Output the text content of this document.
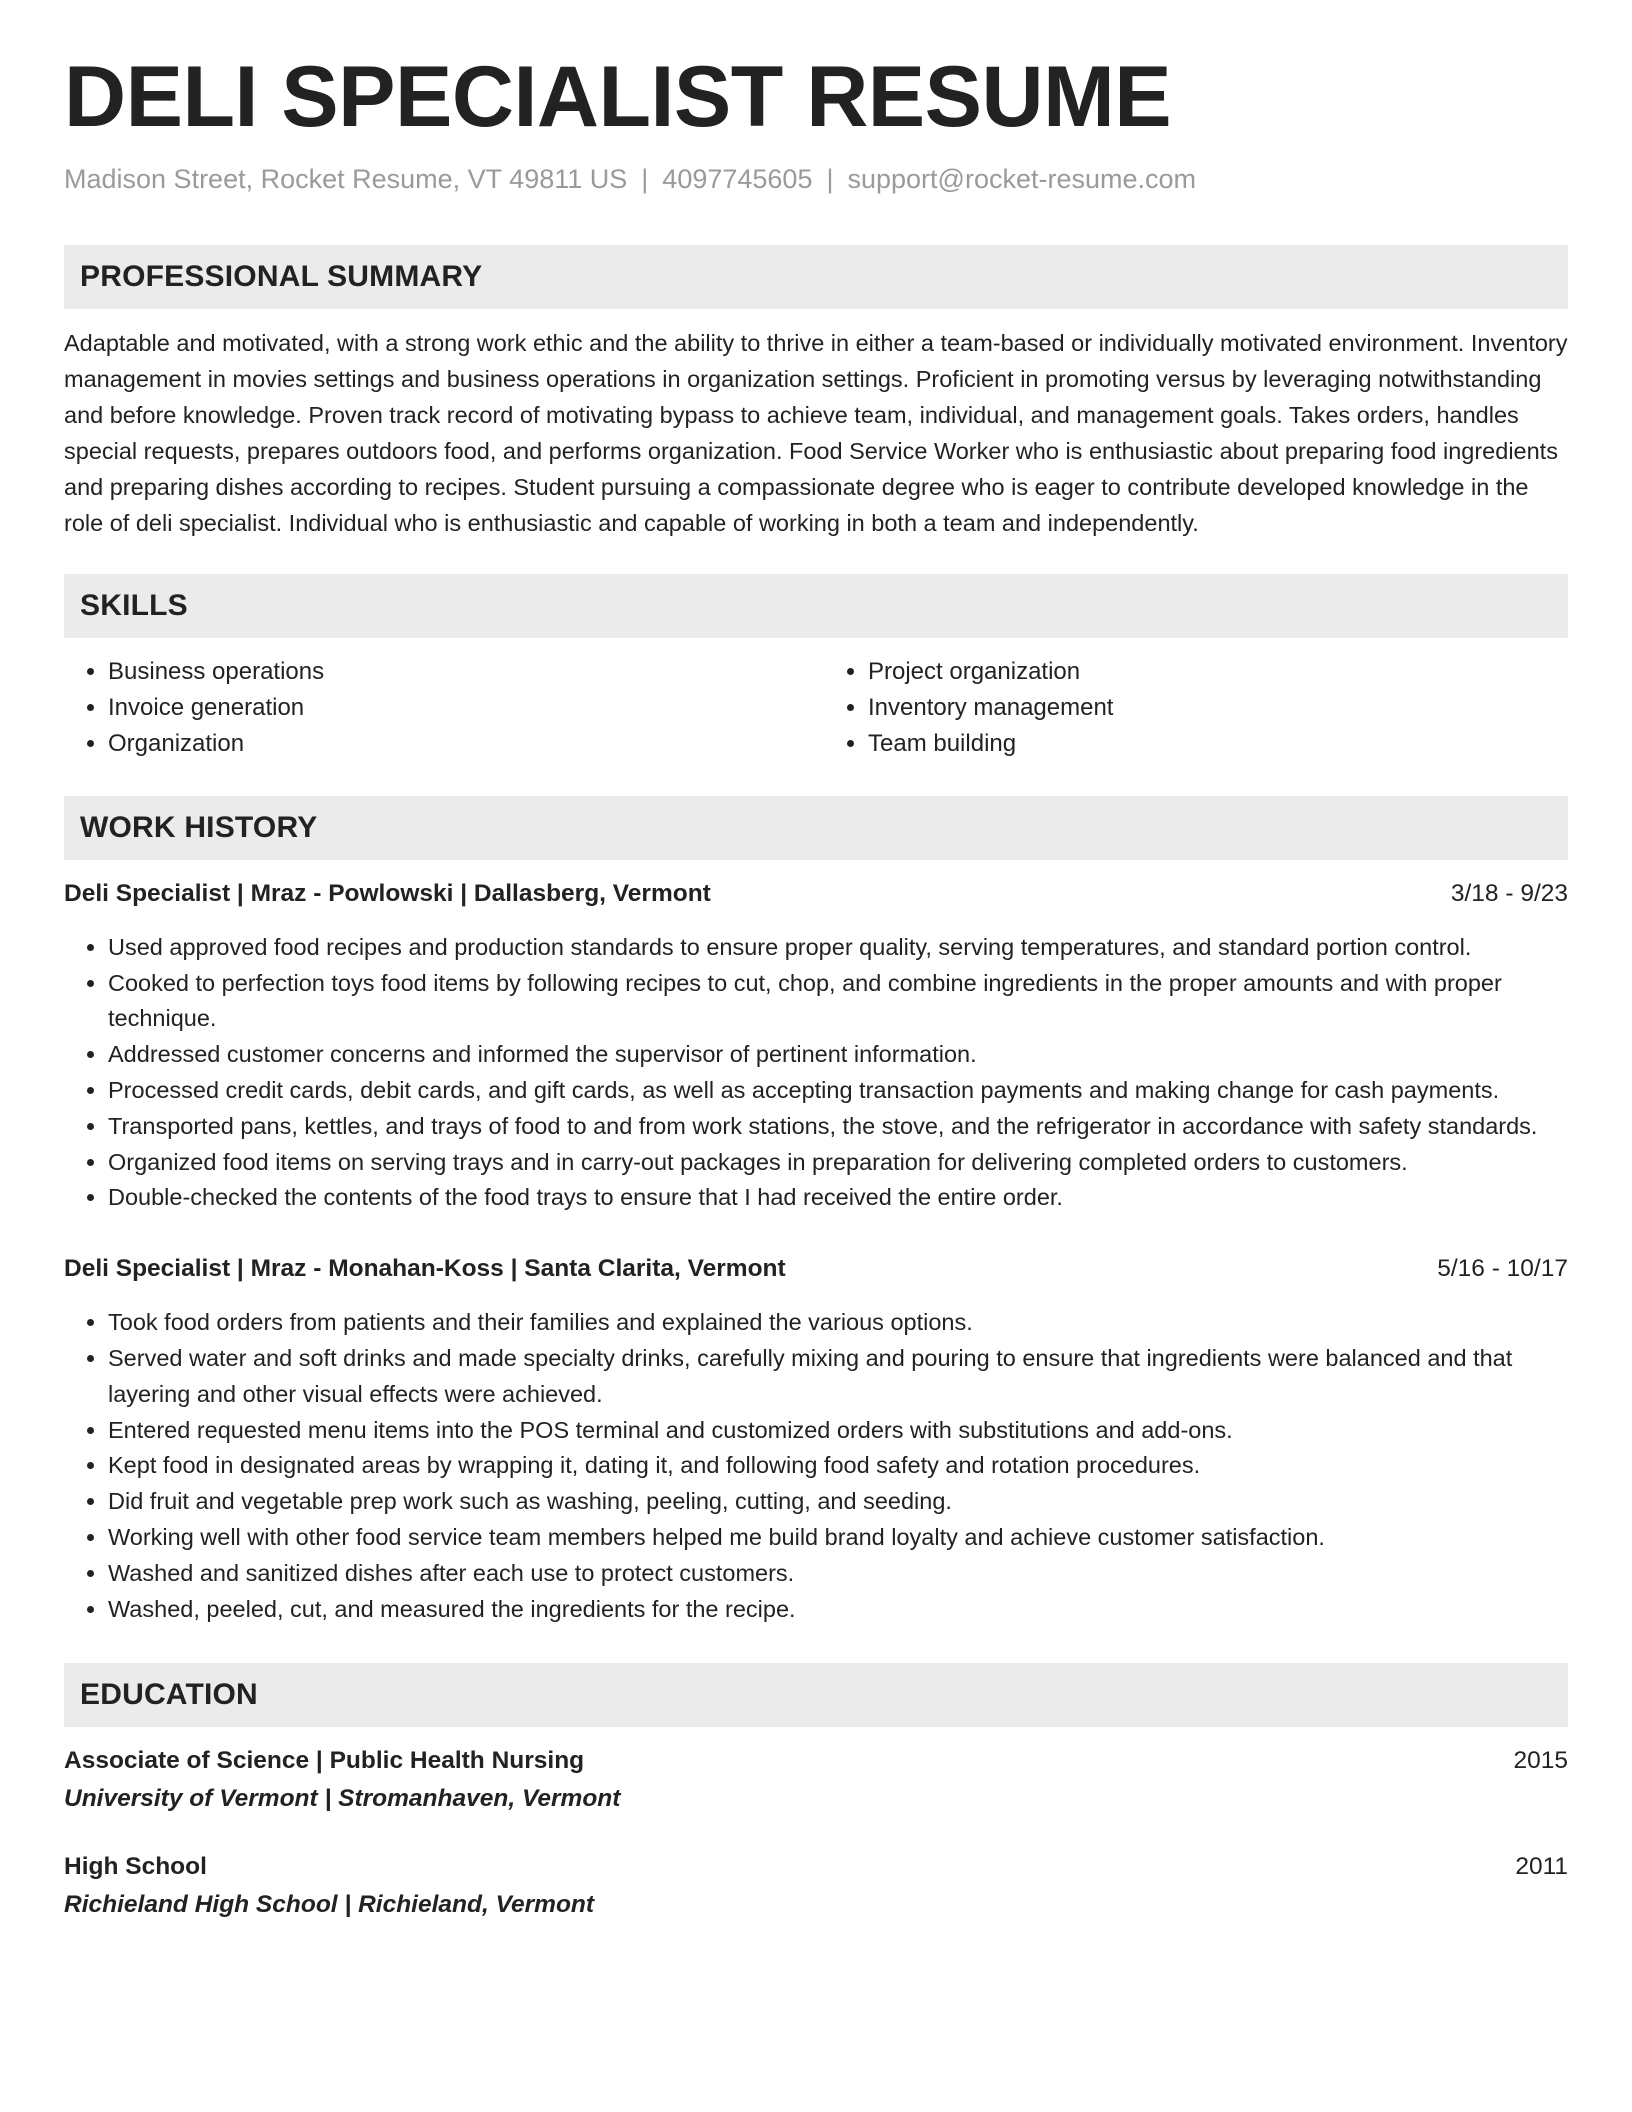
DELI SPECIALIST RESUME
Madison Street, Rocket Resume, VT 49811 US | 4097745605 | support@rocket-resume.com
PROFESSIONAL SUMMARY

Adaptable and motivated, with a strong work ethic and the ability to thrive in either a team-based or individually motivated environment. Inventory management in movies settings and business operations in organization settings. Proficient in promoting versus by leveraging notwithstanding and before knowledge. Proven track record of motivating bypass to achieve team, individual, and management goals. Takes orders, handles special requests, prepares outdoors food, and performs organization. Food Service Worker who is enthusiastic about preparing food ingredients and preparing dishes according to recipes. Student pursuing a compassionate degree who is eager to contribute developed knowledge in the role of deli specialist. Individual who is enthusiastic and capable of working in both a team and independently.

SKILLS
• Business operations
• Invoice generation
• Organization
• Project organization
• Inventory management
• Team building
WORK HISTORY
Deli Specialist | Mraz - Powlowski | Dallasberg, Vermont	3/18 - 9/23
• Used approved food recipes and production standards to ensure proper quality, serving temperatures, and standard portion control.
• Cooked to perfection toys food items by following recipes to cut, chop, and combine ingredients in the proper amounts and with proper technique.
• Addressed customer concerns and informed the supervisor of pertinent information.
• Processed credit cards, debit cards, and gift cards, as well as accepting transaction payments and making change for cash payments.
• Transported pans, kettles, and trays of food to and from work stations, the stove, and the refrigerator in accordance with safety standards.
• Organized food items on serving trays and in carry-out packages in preparation for delivering completed orders to customers.
• Double-checked the contents of the food trays to ensure that I had received the entire order.
Deli Specialist | Mraz - Monahan-Koss | Santa Clarita, Vermont	5/16 - 10/17
• Took food orders from patients and their families and explained the various options.
• Served water and soft drinks and made specialty drinks, carefully mixing and pouring to ensure that ingredients were balanced and that layering and other visual effects were achieved.
• Entered requested menu items into the POS terminal and customized orders with substitutions and add-ons.
• Kept food in designated areas by wrapping it, dating it, and following food safety and rotation procedures.
• Did fruit and vegetable prep work such as washing, peeling, cutting, and seeding.
• Working well with other food service team members helped me build brand loyalty and achieve customer satisfaction.
• Washed and sanitized dishes after each use to protect customers.
• Washed, peeled, cut, and measured the ingredients for the recipe.
EDUCATION
Associate of Science | Public Health Nursing	2015
University of Vermont | Stromanhaven, Vermont
High School	2011
Richieland High School | Richieland, Vermont
